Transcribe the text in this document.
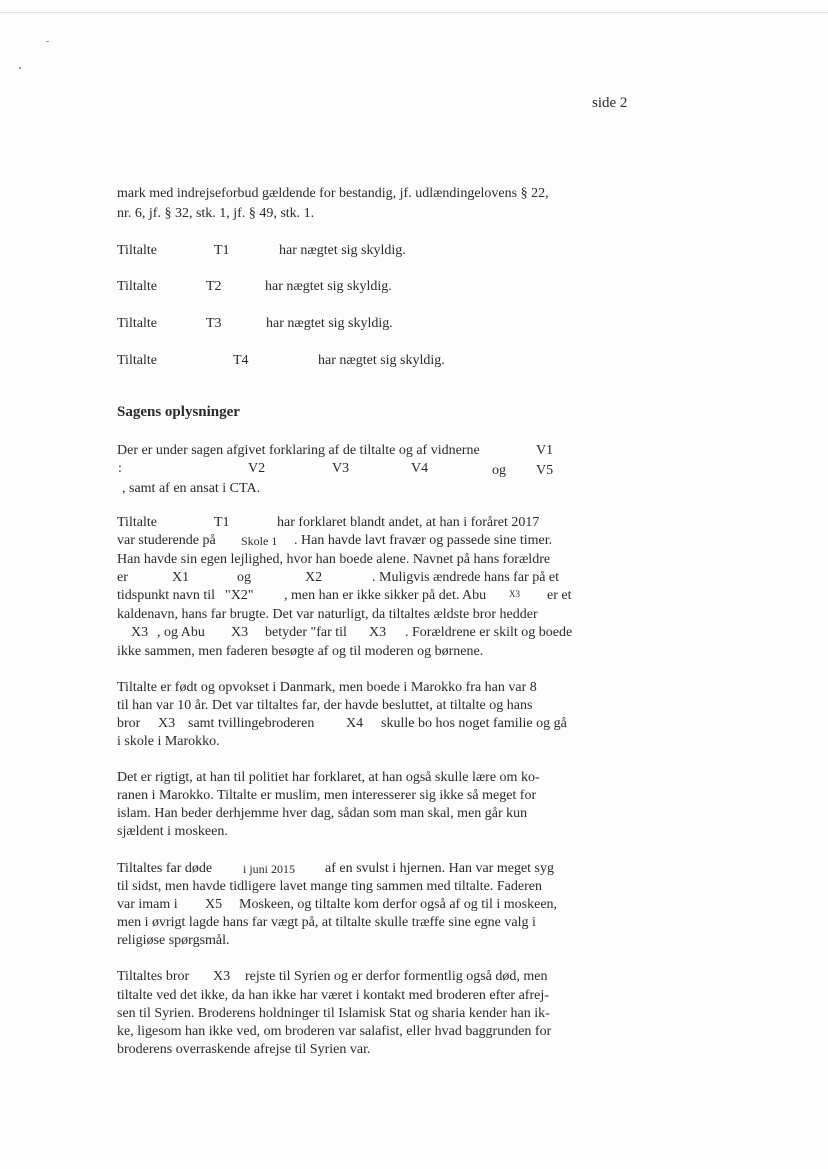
side 2
mark med indrejseforbud gældende for bestandig, jf. udlændingelovens § 22,
nr. 6, jf. § 32, stk. 1, jf. § 49, stk. 1.
Tiltalte	T1	har nægtet sig skyldig.
Tiltalte	T2	har nægtet sig skyldig.
Tiltalte	T3	har nægtet sig skyldig.
Tiltalte	T4	har nægtet sig skyldig.
Sagens oplysninger
Der er under sagen afgivet forklaring af de tiltalte og af vidnerne	V1
:	V2	V3	V4	og V5
, samt af en ansat i CTA.
Tiltalte	T1	har forklaret blandt andet, at han i foråret 2017
var studerende på Skole 1 . Han havde lavt fravær og passede sine timer.
Han havde sin egen lejlighed, hvor han boede alene. Navnet på hans forældre
er	X1	og	X2	. Muligvis ændrede hans far på et
tidspunkt navn til "X2" , men han er ikke sikker på det. Abu	X3 er et
kaldenavn, hans far brugte. Det var naturligt, da tiltaltes ældste bror hedder
X3 , og Abu X3 betyder "far til X3 . Forældrene er skilt og boede
ikke sammen, men faderen besøgte af og til moderen og børnene.
Tiltalte er født og opvokset i Danmark, men boede i Marokko fra han var 8
til han var 10 år. Det var tiltaltes far, der havde besluttet, at tiltalte og hans
bror X3 samt tvillingebroderen X4 skulle bo hos noget familie og gå
i skole i Marokko.
Det er rigtigt, at han til politiet har forklaret, at han også skulle lære om ko-
ranen i Marokko. Tiltalte er muslim, men interesserer sig ikke så meget for
islam. Han beder derhjemme hver dag, sådan som man skal, men går kun
sjældent i moskeen.
Tiltaltes far døde	i juni 2015 af en svulst i hjernen. Han var meget syg
til sidst, men havde tidligere lavet mange ting sammen med tiltalte. Faderen
var imam i X5 Moskeen, og tiltalte kom derfor også af og til i moskeen,
men i øvrigt lagde hans far vægt på, at tiltalte skulle træffe sine egne valg i
religiøse spørgsmål.
Tiltaltes bror X3 rejste til Syrien og er derfor formentlig også død, men
tiltalte ved det ikke, da han ikke har været i kontakt med broderen efter afrej-
sen til Syrien. Broderens holdninger til Islamisk Stat og sharia kender han ik-
ke, ligesom han ikke ved, om broderen var salafist, eller hvad baggrunden for
broderens overraskende afrejse til Syrien var.
